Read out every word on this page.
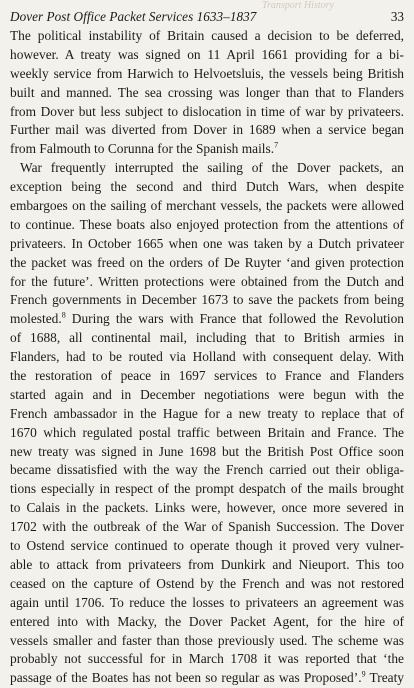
Transport History
Dover Post Office Packet Services 1633–1837	33
The political instability of Britain caused a decision to be deferred,
however. A treaty was signed on 11 April 1661 providing for a bi-
weekly service from Harwich to Helvoetsluis, the vessels being British
built and manned. The sea crossing was longer than that to Flanders
from Dover but less subject to dislocation in time of war by privateers.
Further mail was diverted from Dover in 1689 when a service began
from Falmouth to Corunna for the Spanish mails.$^7$
War frequently interrupted the sailing of the Dover packets, an
exception being the second and third Dutch Wars, when despite
embargoes on the sailing of merchant vessels, the packets were allowed
to continue. These boats also enjoyed protection from the attentions of
privateers. In October 1665 when one was taken by a Dutch privateer
the packet was freed on the orders of De Ruyter ‘and given protection
for the future’. Written protections were obtained from the Dutch and
French governments in December 1673 to save the packets from being
molested.$^8$ During the wars with France that followed the Revolution
of 1688, all continental mail, including that to British armies in
Flanders, had to be routed via Holland with consequent delay. With
the restoration of peace in 1697 services to France and Flanders
started again and in December negotiations were begun with the
French ambassador in the Hague for a new treaty to replace that of
1670 which regulated postal traffic between Britain and France. The
new treaty was signed in June 1698 but the British Post Office soon
became dissatisfied with the way the French carried out their obliga-
tions especially in respect of the prompt despatch of the mails brought
to Calais in the packets. Links were, however, once more severed in
1702 with the outbreak of the War of Spanish Succession. The Dover
to Ostend service continued to operate though it proved very vulner-
able to attack from privateers from Dunkirk and Nieuport. This too
ceased on the capture of Ostend by the French and was not restored
again until 1706. To reduce the losses to privateers an agreement was
entered into with Macky, the Dover Packet Agent, for the hire of
vessels smaller and faster than those previously used. The scheme was
probably not successful for in March 1708 it was reported that ‘the
passage of the Boates has not been so regular as was Proposed’.$^9$ Treaty
